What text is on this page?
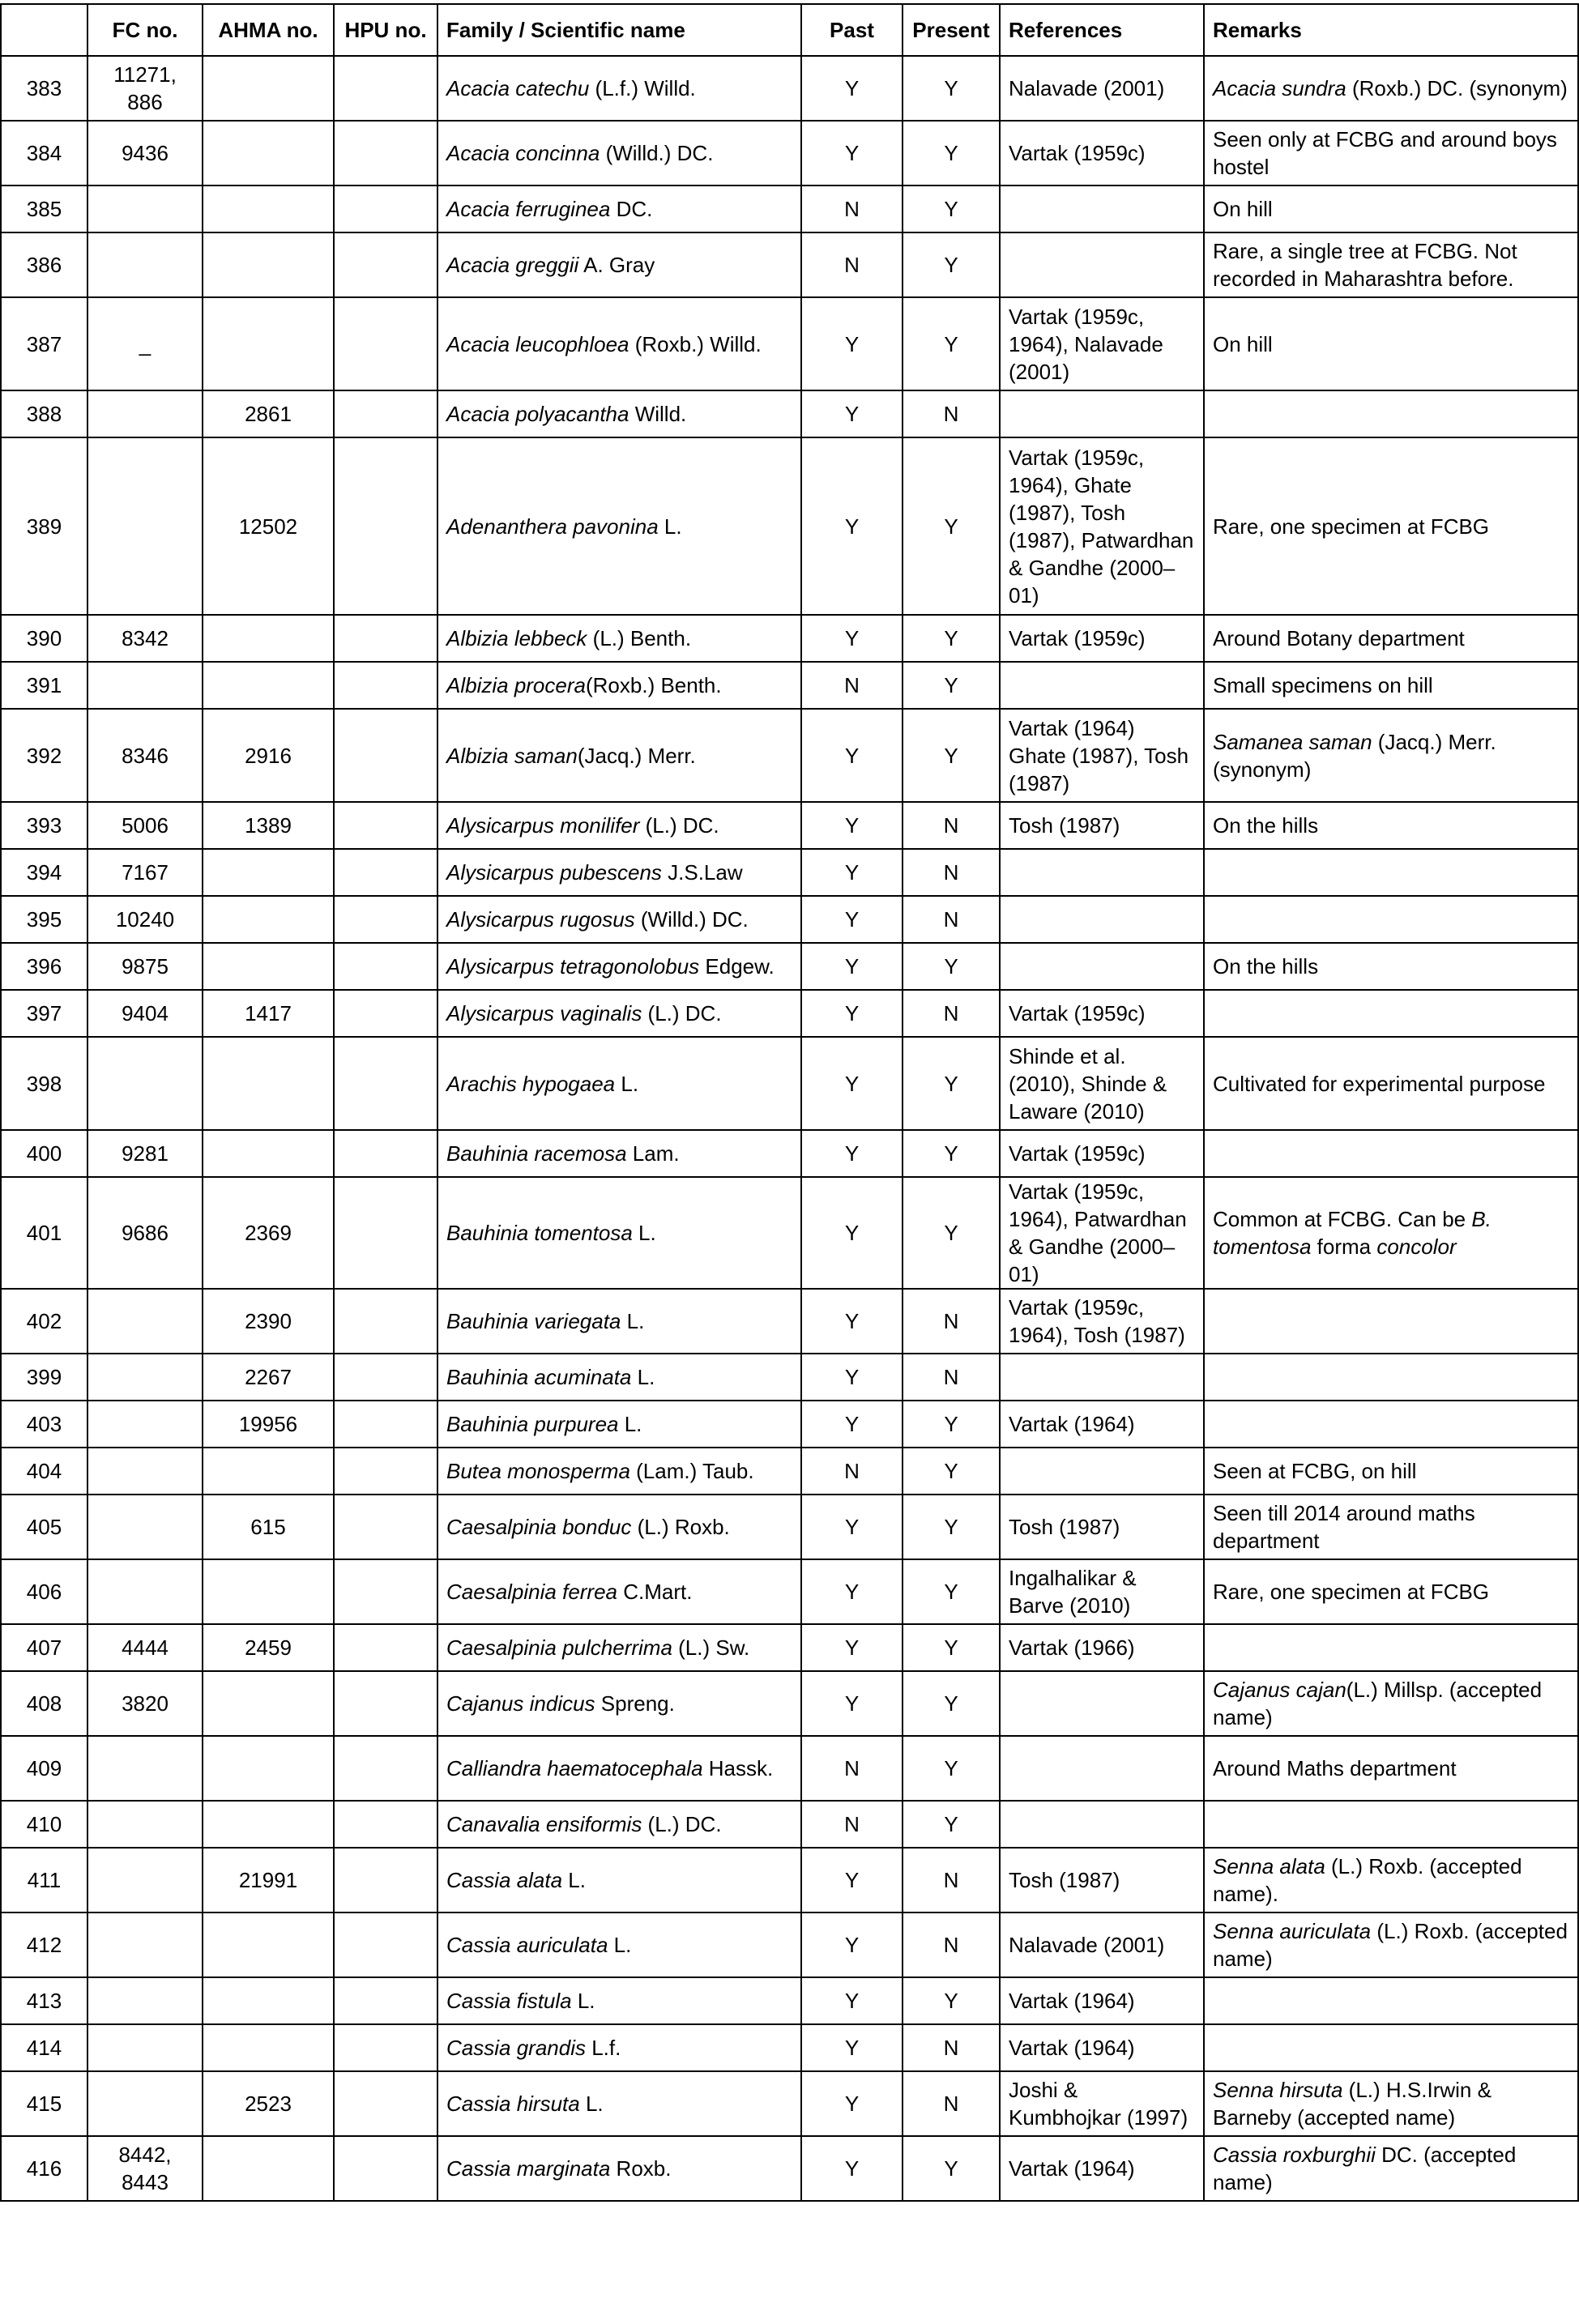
	FC no.	AHMA no.	HPU no.	Family / Scientific name	Past	Present	References	Remarks
383	11271, 886			Acacia catechu (L.f.) Willd.	Y	Y	Nalavade (2001)	Acacia sundra (Roxb.) DC. (synonym)
384	9436			Acacia concinna (Willd.) DC.	Y	Y	Vartak (1959c)	Seen only at FCBG and around boys hostel
385				Acacia ferruginea DC.	N	Y		On hill
386				Acacia greggii A. Gray	N	Y		Rare, a single tree at FCBG. Not recorded in Maharashtra before.
387	_			Acacia leucophloea (Roxb.) Willd.	Y	Y	Vartak (1959c, 1964), Nalavade (2001)	On hill
388		2861		Acacia polyacantha Willd.	Y	N		
389		12502		Adenanthera pavonina L.	Y	Y	Vartak (1959c, 1964), Ghate (1987), Tosh (1987), Patwardhan & Gandhe (2000–01)	Rare, one specimen at FCBG
390	8342			Albizia lebbeck (L.) Benth.	Y	Y	Vartak (1959c)	Around Botany department
391				Albizia procera(Roxb.) Benth.	N	Y		Small specimens on hill
392	8346	2916		Albizia saman(Jacq.) Merr.	Y	Y	Vartak (1964) Ghate (1987), Tosh (1987)	Samanea saman (Jacq.) Merr. (synonym)
393	5006	1389		Alysicarpus monilifer (L.) DC.	Y	N	Tosh (1987)	On the hills
394	7167			Alysicarpus pubescens J.S.Law	Y	N		
395	10240			Alysicarpus rugosus (Willd.) DC.	Y	N		
396	9875			Alysicarpus tetragonolobus Edgew.	Y	Y		On the hills
397	9404	1417		Alysicarpus vaginalis (L.) DC.	Y	N	Vartak (1959c)	
398				Arachis hypogaea L.	Y	Y	Shinde et al. (2010), Shinde & Laware (2010)	Cultivated for experimental purpose
400	9281			Bauhinia racemosa Lam.	Y	Y	Vartak (1959c)	
401	9686	2369		Bauhinia tomentosa L.	Y	Y	Vartak (1959c, 1964), Patwardhan & Gandhe (2000–01)	Common at FCBG. Can be B. tomentosa forma concolor
402		2390		Bauhinia variegata L.	Y	N	Vartak (1959c, 1964), Tosh (1987)	
399		2267		Bauhinia acuminata L.	Y	N		
403		19956		Bauhinia purpurea L.	Y	Y	Vartak (1964)	
404				Butea monosperma (Lam.) Taub.	N	Y		Seen at FCBG, on hill
405		615		Caesalpinia bonduc (L.) Roxb.	Y	Y	Tosh (1987)	Seen till 2014 around maths department
406				Caesalpinia ferrea C.Mart.	Y	Y	Ingalhalikar & Barve (2010)	Rare, one specimen at FCBG
407	4444	2459		Caesalpinia pulcherrima (L.) Sw.	Y	Y	Vartak (1966)	
408	3820			Cajanus indicus Spreng.	Y	Y		Cajanus cajan(L.) Millsp. (accepted name)
409				Calliandra haematocephala Hassk.	N	Y		Around Maths department
410				Canavalia ensiformis (L.) DC.	N	Y		
411		21991		Cassia alata L.	Y	N	Tosh (1987)	Senna alata (L.) Roxb. (accepted name).
412				Cassia auriculata L.	Y	N	Nalavade (2001)	Senna auriculata (L.) Roxb. (accepted name)
413				Cassia fistula L.	Y	Y	Vartak (1964)	
414				Cassia grandis L.f.	Y	N	Vartak (1964)	
415		2523		Cassia hirsuta L.	Y	N	Joshi & Kumbhojkar (1997)	Senna hirsuta (L.) H.S.Irwin & Barneby (accepted name)
416	8442, 8443			Cassia marginata Roxb.	Y	Y	Vartak (1964)	Cassia roxburghii DC. (accepted name)
